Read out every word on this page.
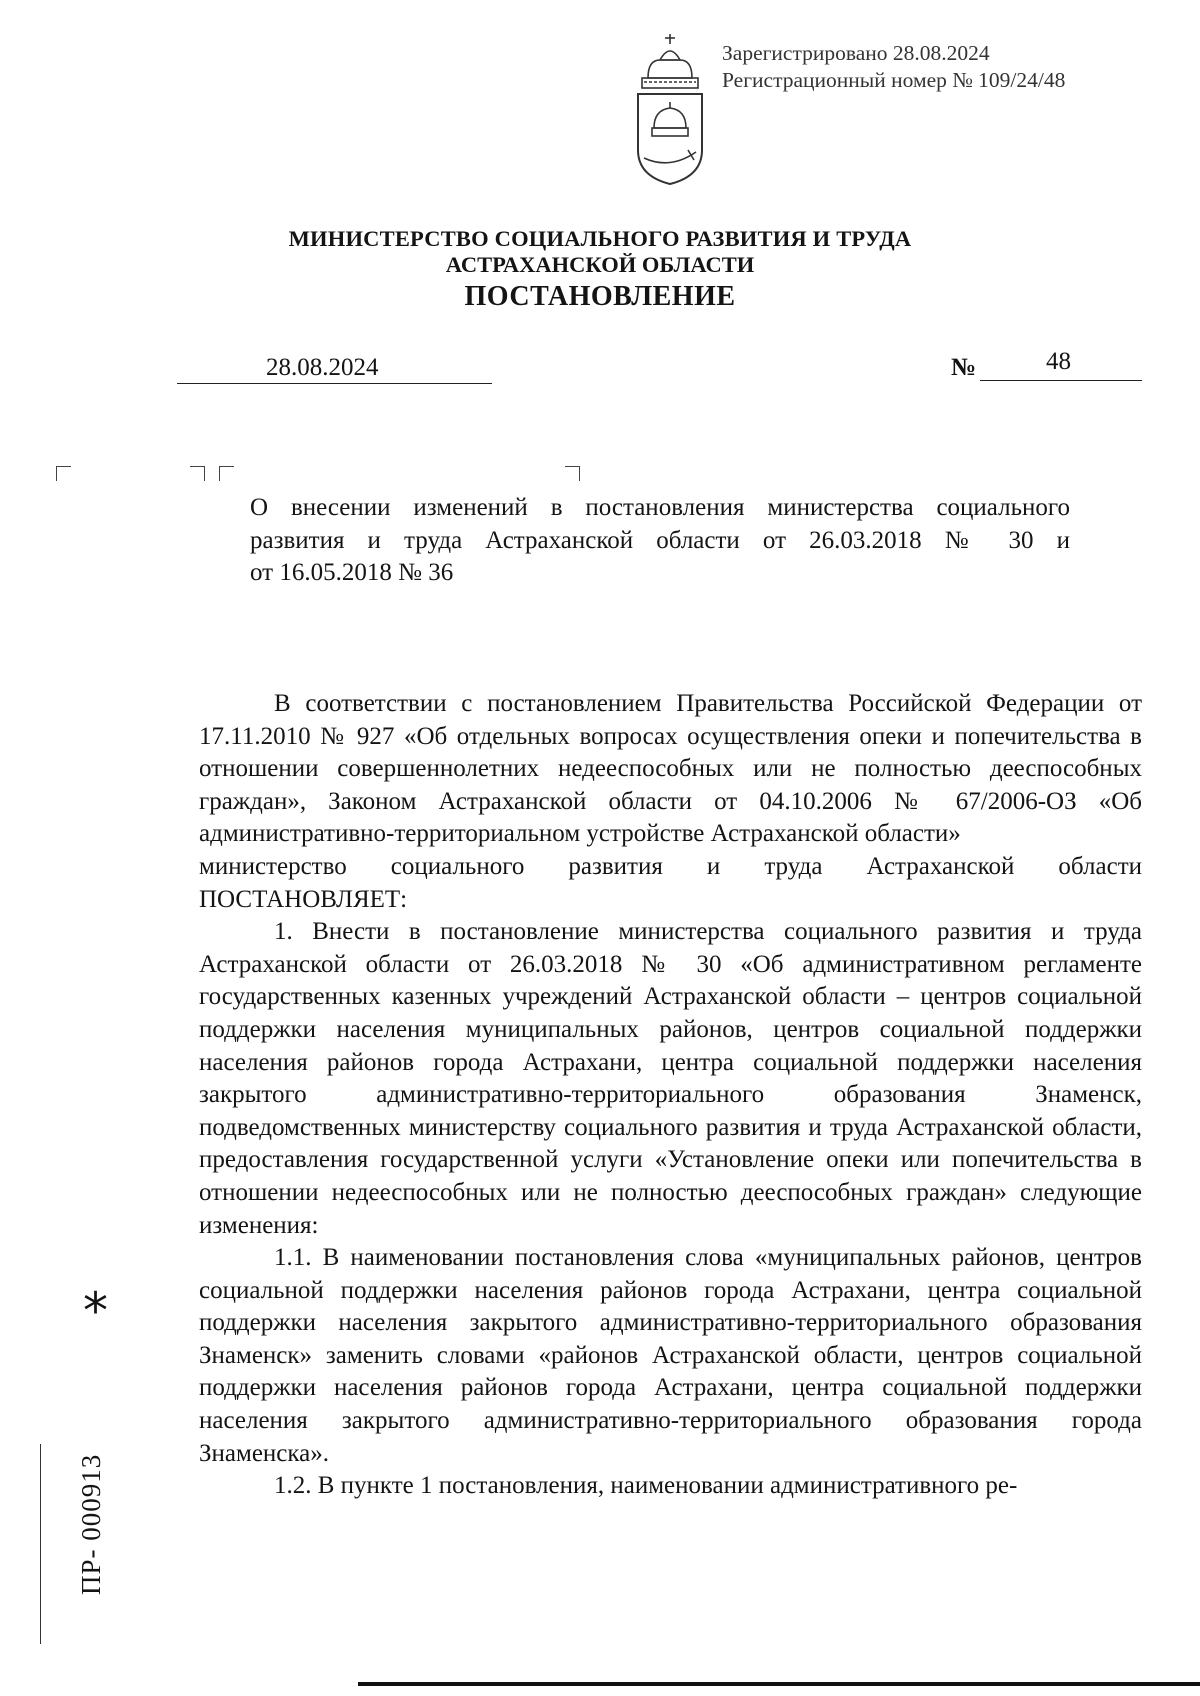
Зарегистрировано 28.08.2024
Регистрационный номер № 109/24/48
МИНИСТЕРСТВО СОЦИАЛЬНОГО РАЗВИТИЯ И ТРУДА
АСТРАХАНСКОЙ ОБЛАСТИ
ПОСТАНОВЛЕНИЕ
28.08.2024	№	48
О внесении изменений в постановления министерства социального
развития и труда Астраханской области от 26.03.2018 № 30 и
от 16.05.2018 № 36

В соответствии с постановлением Правительства Российской Федерации от 17.11.2010 № 927 «Об отдельных вопросах осуществления опеки и попечительства в отношении совершеннолетних недееспособных или не полностью дееспособных граждан», Законом Астраханской области от 04.10.2006 № 67/2006-ОЗ «Об административно-территориальном устройстве Астраханской области»

министерство социального развития и труда Астраханской области

ПОСТАНОВЛЯЕТ:

1. Внести в постановление министерства социального развития и труда Астраханской области от 26.03.2018 № 30 «Об административном регламенте государственных казенных учреждений Астраханской области – центров социальной поддержки населения муниципальных районов, центров социальной поддержки населения районов города Астрахани, центра социальной поддержки населения закрытого административно-территориального образования Знаменск, подведомственных министерству социального развития и труда Астраханской области, предоставления государственной услуги «Установление опеки или попечительства в отношении недееспособных или не полностью дееспособных граждан» следующие изменения:

1.1. В наименовании постановления слова «муниципальных районов, центров социальной поддержки населения районов города Астрахани, центра социальной поддержки населения закрытого административно-территориального образования Знаменск» заменить словами «районов Астраханской области, центров социальной поддержки населения районов города Астрахани, центра социальной поддержки населения закрытого административно-территориального образования города Знаменска».

1.2. В пункте 1 постановления, наименовании административного ре-

*
ПР- 000913
